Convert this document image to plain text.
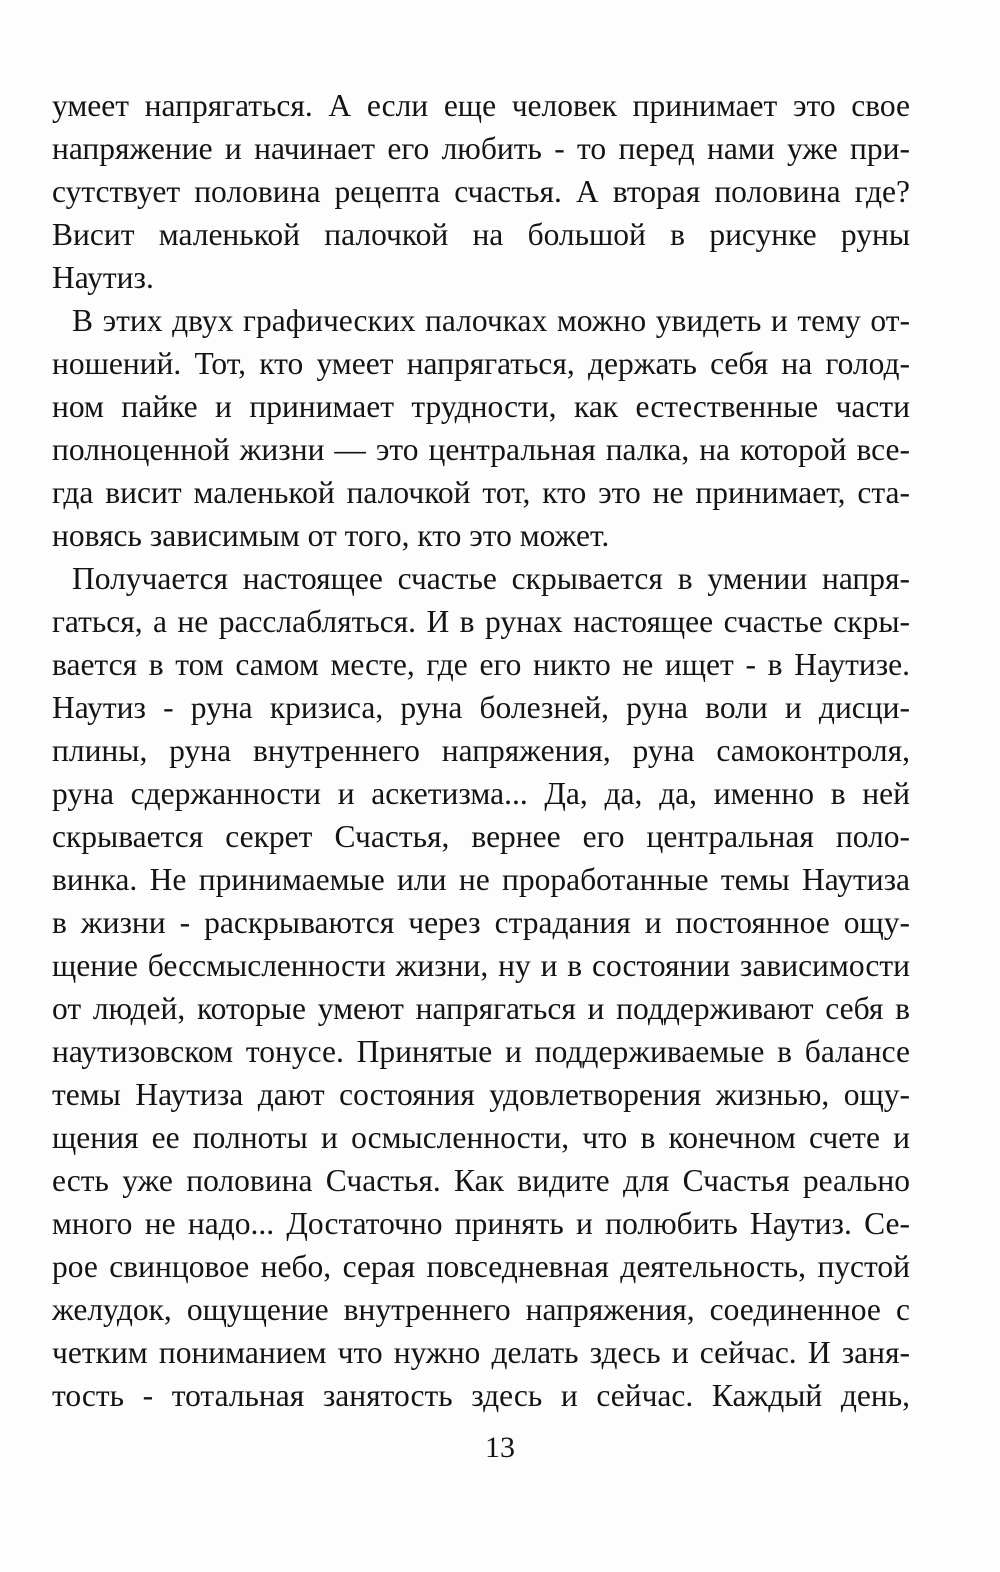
умеет напрягаться. А если еще человек принимает это свое
напряжение и начинает его любить - то перед нами уже при-
сутствует половина рецепта счастья. А вторая половина где?
Висит маленькой палочкой на большой в рисунке руны
Наутиз.
В этих двух графических палочках можно увидеть и тему от-
ношений. Тот, кто умеет напрягаться, держать себя на голод-
ном пайке и принимает трудности, как естественные части
полноценной жизни — это центральная палка, на которой все-
гда висит маленькой палочкой тот, кто это не принимает, ста-
новясь зависимым от того, кто это может.
Получается настоящее счастье скрывается в умении напря-
гаться, а не расслабляться. И в рунах настоящее счастье скры-
вается в том самом месте, где его никто не ищет - в Наутизе.
Наутиз - руна кризиса, руна болезней, руна воли и дисци-
плины, руна внутреннего напряжения, руна самоконтроля,
руна сдержанности и аскетизма... Да, да, да, именно в ней
скрывается секрет Счастья, вернее его центральная поло-
винка. Не принимаемые или не проработанные темы Наутиза
в жизни - раскрываются через страдания и постоянное ощу-
щение бессмысленности жизни, ну и в состоянии зависимости
от людей, которые умеют напрягаться и поддерживают себя в
наутизовском тонусе. Принятые и поддерживаемые в балансе
темы Наутиза дают состояния удовлетворения жизнью, ощу-
щения ее полноты и осмысленности, что в конечном счете и
есть уже половина Счастья. Как видите для Счастья реально
много не надо... Достаточно принять и полюбить Наутиз. Се-
рое свинцовое небо, серая повседневная деятельность, пустой
желудок, ощущение внутреннего напряжения, соединенное с
четким пониманием что нужно делать здесь и сейчас. И заня-
тость - тотальная занятость здесь и сейчас. Каждый день,
13
